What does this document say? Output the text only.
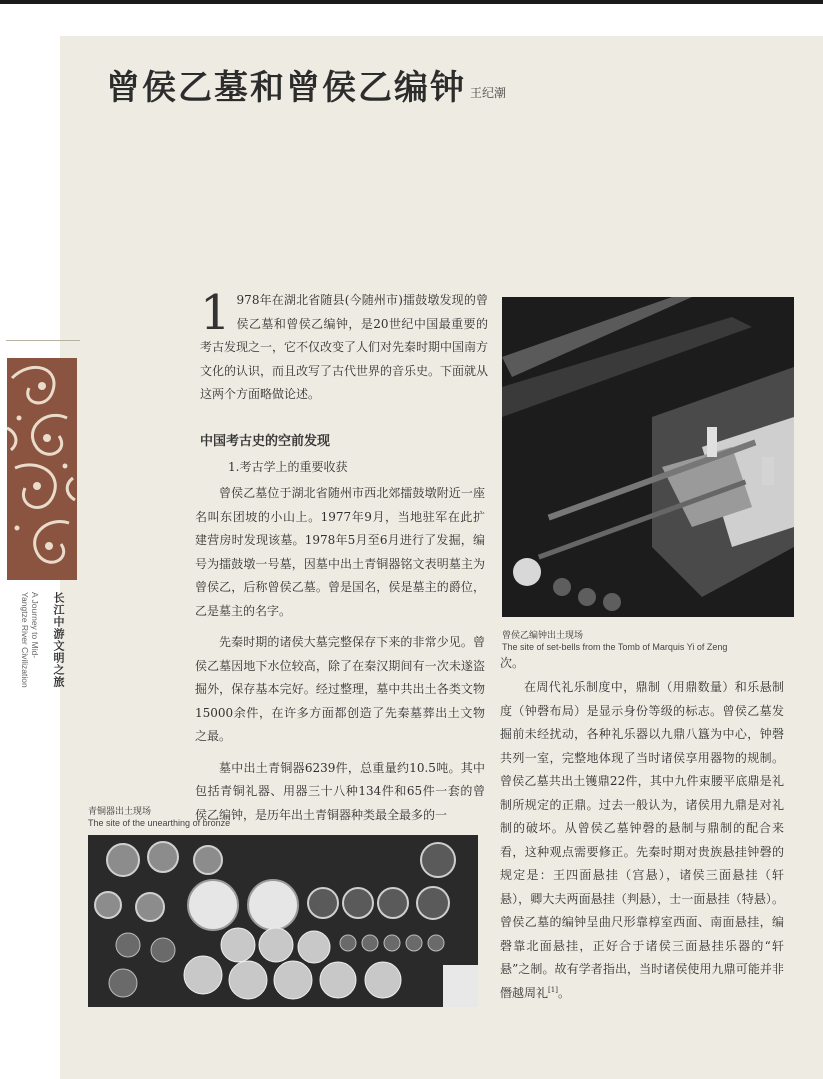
曾侯乙墓和曾侯乙编钟 王纪潮
长江中游文明之旅
A Journey to Mid-
Yangtze River Civilization

1 978年在湖北省随县(今随州市)擂鼓墩发现的曾侯乙墓和曾侯乙编钟，是20世纪中国最重要的考古发现之一，它不仅改变了人们对先秦时期中国南方文化的认识，而且改写了古代世界的音乐史。下面就从这两个方面略做论述。

中国考古史的空前发现

1.考古学上的重要收获

曾侯乙墓位于湖北省随州市西北郊擂鼓墩附近一座名叫东团坡的小山上。1977年9月，当地驻军在此扩建营房时发现该墓。1978年5月至6月进行了发掘，编号为擂鼓墩一号墓，因墓中出土青铜器铭文表明墓主为曾侯乙，后称曾侯乙墓。曾是国名，侯是墓主的爵位，乙是墓主的名字。

先秦时期的诸侯大墓完整保存下来的非常少见。曾侯乙墓因地下水位较高，除了在秦汉期间有一次未遂盗掘外，保存基本完好。经过整理，墓中共出土各类文物15000余件，在许多方面都创造了先秦墓葬出土文物之最。

墓中出土青铜器6239件，总重量约10.5吨。其中包括青铜礼器、用器三十八种134件和65件一套的曾侯乙编钟，是历年出土青铜器种类最全最多的一

曾侯乙编钟出土现场

The site of set-bells from the Tomb of Marquis Yi of Zeng

次。

在周代礼乐制度中，鼎制（用鼎数量）和乐悬制度（钟磬布局）是显示身份等级的标志。曾侯乙墓发掘前未经扰动，各种礼乐器以九鼎八簋为中心，钟磬共列一室，完整地体现了当时诸侯享用器物的规制。曾侯乙墓共出土镬鼎22件，其中九件束腰平底鼎是礼制所规定的正鼎。过去一般认为，诸侯用九鼎是对礼制的破坏。从曾侯乙墓钟磬的悬制与鼎制的配合来看，这种观点需要修正。先秦时期对贵族悬挂钟磬的规定是：王四面悬挂（宫悬），诸侯三面悬挂（轩悬），卿大夫两面悬挂（判悬），士一面悬挂（特悬）。曾侯乙墓的编钟呈曲尺形靠椁室西面、南面悬挂，编磬靠北面悬挂，正好合于诸侯三面悬挂乐器的“轩悬”之制。故有学者指出，当时诸侯使用九鼎可能并非僭越周礼[1]。

青铜器出土现场

The site of the unearthing of bronze
